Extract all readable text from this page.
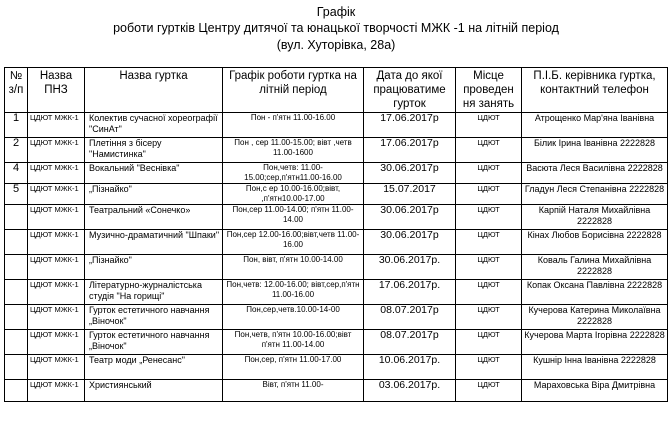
Графік
роботи гуртків Центру дитячої та юнацької творчості МЖК -1 на літній період
(вул. Хуторівка, 28а)
№ з/п	Назва ПНЗ	Назва гуртка	Графік роботи гуртка на літній період	Дата до якої працюватиме гурток	Місце проведен ня занять	П.І.Б. керівника гуртка, контактний телефон
1	ЦДЮТ МЖК-1	Колектив сучасної хореографії "СинАт"	Пон - п'ятн 11.00-16.00	17.06.2017р	ЦДЮТ	Атрощенко Мар'яна Іванівна
2	ЦДЮТ МЖК-1	Плетіння з бісеру "Намистинка"	Пон , сер 11.00-15.00; вівт ,четв 11.00-1600	17.06.2017р	ЦДЮТ	Білик Ірина Іванівна 2222828
4	ЦДЮТ МЖК-1	Вокальний "Веснівка"	Пон,четв: 11.00-15.00;сер,п'ятн11.00-16.00	30.06.2017р	ЦДЮТ	Васюта Леся Василівна 2222828
5	ЦДЮТ МЖК-1	„Пізнайко"	Пон,с ер 10.00-16.00;вівт, ,п'ятн10.00-17.00	15.07.2017	ЦДЮТ	Гладун Леся Степанівна 2222828
	ЦДЮТ МЖК-1	Театральний «Сонечко»	Пон,сер 11.00-14.00; п'ятн 11.00-14.00	30.06.2017р	ЦДЮТ	Карпій Наталя Михайлівна 2222828
	ЦДЮТ МЖК-1	Музично-драматичний "Шпаки"	Пон,сер 12.00-16.00;вівт,четв 11.00-16.00	30.06.2017р	ЦДЮТ	Кінах Любов Борисівна 2222828
	ЦДЮТ МЖК-1	„Пізнайко"	Пон, вівт, п'ятн 10.00-14.00	30.06.2017р.	ЦДЮТ	Коваль Галина Михайлівна 2222828
	ЦДЮТ МЖК-1	Літературно-журналістська студія "На горищі"	Пон,четв: 12.00-16.00; вівт,сер,п'ятн 11.00-16.00	17.06.2017р.	ЦДЮТ	Копак Оксана Павлівна 2222828
	ЦДЮТ МЖК-1	Гурток естетичного навчання „Віночок"	Пон,сер,четв.10.00-14-00	08.07.2017р	ЦДЮТ	Кучерова Катерина Миколаївна 2222828
	ЦДЮТ МЖК-1	Гурток естетичного навчання „Віночок"	Пон,четв, п'ятн 10.00-16.00;вівт п'ятн 11.00-14.00	08.07.2017р	ЦДЮТ	Кучерова Марта Ігорівна 2222828
	ЦДЮТ МЖК-1	Театр моди „Ренесанс"	Пон,сер, п'ятн 11.00-17.00	10.06.2017р.	ЦДЮТ	Кушнір Інна Іванівна 2222828
	ЦДЮТ МЖК-1	Християнський	Вівт, п'ятн 11.00-	03.06.2017р.	ЦДЮТ	Мараховська Віра Дмитрівна
